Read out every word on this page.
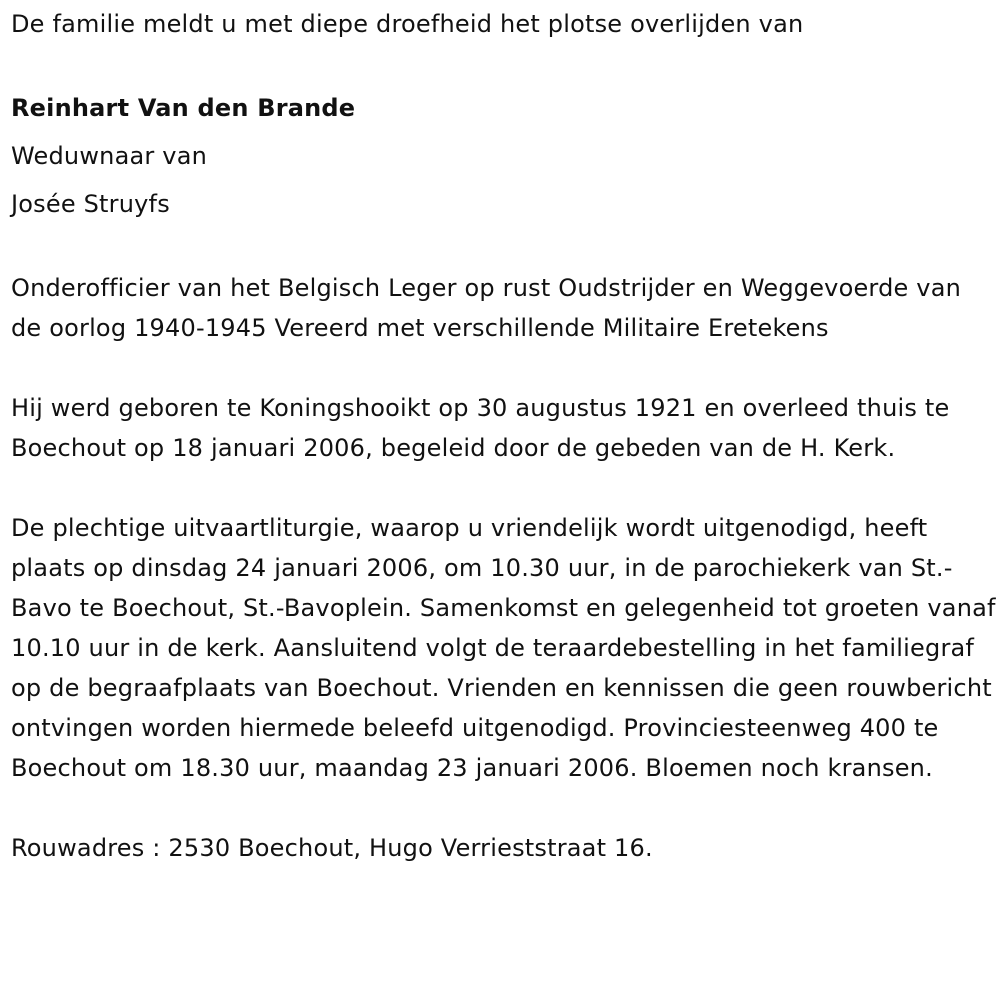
De familie meldt u met diepe droefheid het plotse overlijden van

Reinhart Van den Brande

Weduwnaar van

Josée Struyfs

Onderofficier van het Belgisch Leger op rust Oudstrijder en Weggevoerde van de oorlog 1940-1945 Vereerd met verschillende Militaire Eretekens

Hij werd geboren te Koningshooikt op 30 augustus 1921 en overleed thuis te Boechout op 18 januari 2006, begeleid door de gebeden van de H. Kerk.

De plechtige uitvaartliturgie, waarop u vriendelijk wordt uitgenodigd, heeft plaats op dinsdag 24 januari 2006, om 10.30 uur, in de parochiekerk van St.-Bavo te Boechout, St.-Bavoplein. Samenkomst en gelegenheid tot groeten vanaf 10.10 uur in de kerk. Aansluitend volgt de teraardebestelling in het familiegraf op de begraafplaats van Boechout. Vrienden en kennissen die geen rouwbericht ontvingen worden hiermede beleefd uitgenodigd. Provinciesteenweg 400 te Boechout om 18.30 uur, maandag 23 januari 2006. Bloemen noch kransen.

Rouwadres : 2530 Boechout, Hugo Verrieststraat 16.
